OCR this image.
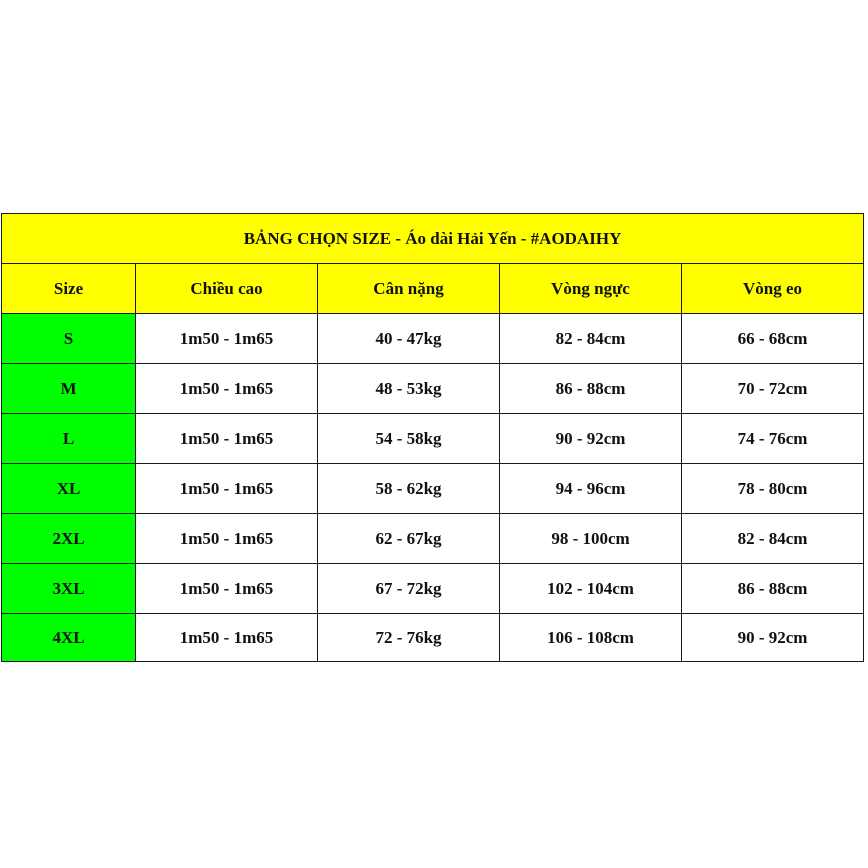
BẢNG CHỌN SIZE - Áo dài Hải Yến - #AODAIHY				
Size	Chiều cao	Cân nặng	Vòng ngực	Vòng eo
S	1m50 - 1m65	40 - 47kg	82 - 84cm	66 - 68cm
M	1m50 - 1m65	48 - 53kg	86 - 88cm	70 - 72cm
L	1m50 - 1m65	54 - 58kg	90 - 92cm	74 - 76cm
XL	1m50 - 1m65	58 - 62kg	94 - 96cm	78 - 80cm
2XL	1m50 - 1m65	62 - 67kg	98 - 100cm	82 - 84cm
3XL	1m50 - 1m65	67 - 72kg	102 - 104cm	86 - 88cm
4XL	1m50 - 1m65	72 - 76kg	106 - 108cm	90 - 92cm
